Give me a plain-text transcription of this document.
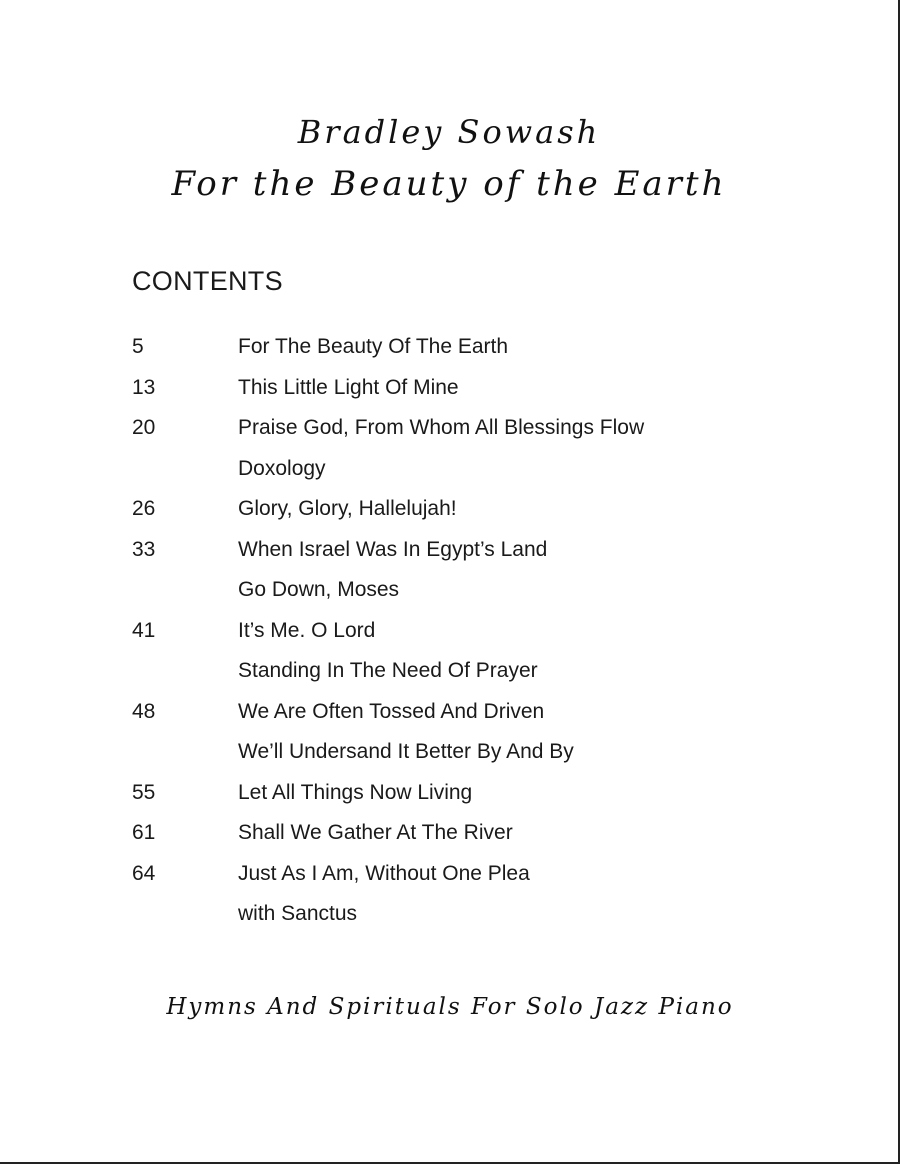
Bradley Sowash
For the Beauty of the Earth
CONTENTS
5	For The Beauty Of The Earth
13	This Little Light Of Mine
20	Praise God, From Whom All Blessings Flow
Doxology
26	Glory, Glory, Hallelujah!
33	When Israel Was In Egypt’s Land
Go Down, Moses
41	It’s Me. O Lord
Standing In The Need Of Prayer
48	We Are Often Tossed And Driven
We’ll Undersand It Better By And By
55	Let All Things Now Living
61	Shall We Gather At The River
64	Just As I Am, Without One Plea
with Sanctus
Hymns And Spirituals For Solo Jazz Piano
